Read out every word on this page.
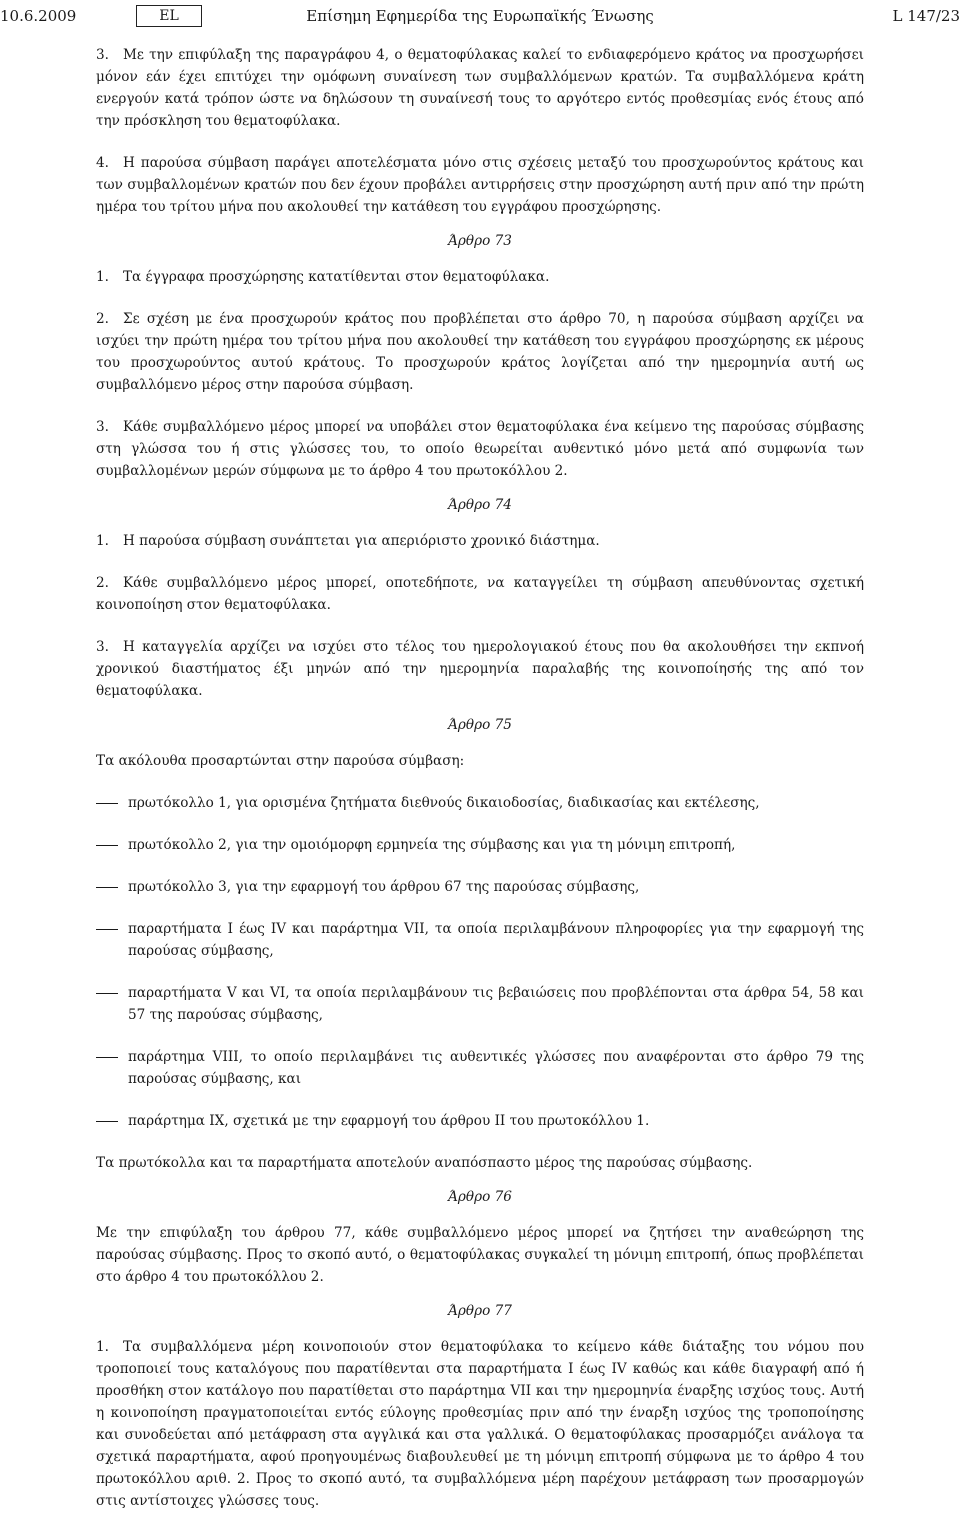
10.6.2009	EL	Επίσημη Εφημερίδα της Ευρωπαϊκής Ένωσης	L 147/23

3. Με την επιφύλαξη της παραγράφου 4, ο θεματοφύλακας καλεί το ενδιαφερόμενο κράτος να προσχωρήσει μόνον εάν έχει επιτύχει την ομόφωνη συναίνεση των συμβαλλόμενων κρατών. Τα συμβαλλόμενα κράτη ενεργούν κατά τρόπον ώστε να δηλώσουν τη συναίνεσή τους το αργότερο εντός προθεσμίας ενός έτους από την πρόσκληση του θεματοφύλακα.

4. Η παρούσα σύμβαση παράγει αποτελέσματα μόνο στις σχέσεις μεταξύ του προσχωρούντος κράτους και των συμβαλλομένων κρατών που δεν έχουν προβάλει αντιρρήσεις στην προσχώρηση αυτή πριν από την πρώτη ημέρα του τρίτου μήνα που ακολουθεί την κατάθεση του εγγράφου προσχώρησης.

Άρθρο 73

1. Τα έγγραφα προσχώρησης κατατίθενται στον θεματοφύλακα.

2. Σε σχέση με ένα προσχωρούν κράτος που προβλέπεται στο άρθρο 70, η παρούσα σύμβαση αρχίζει να ισχύει την πρώτη ημέρα του τρίτου μήνα που ακολουθεί την κατάθεση του εγγράφου προσχώρησης εκ μέρους του προσχωρούντος αυτού κράτους. Το προσχωρούν κράτος λογίζεται από την ημερομηνία αυτή ως συμβαλλόμενο μέρος στην παρούσα σύμβαση.

3. Κάθε συμβαλλόμενο μέρος μπορεί να υποβάλει στον θεματοφύλακα ένα κείμενο της παρούσας σύμβασης στη γλώσσα του ή στις γλώσσες του, το οποίο θεωρείται αυθεντικό μόνο μετά από συμφωνία των συμβαλλομένων μερών σύμφωνα με το άρθρο 4 του πρωτοκόλλου 2.

Άρθρο 74

1. Η παρούσα σύμβαση συνάπτεται για απεριόριστο χρονικό διάστημα.

2. Κάθε συμβαλλόμενο μέρος μπορεί, οποτεδήποτε, να καταγγείλει τη σύμβαση απευθύνοντας σχετική κοινοποίηση στον θεματοφύλακα.

3. Η καταγγελία αρχίζει να ισχύει στο τέλος του ημερολογιακού έτους που θα ακολουθήσει την εκπνοή χρονικού διαστήματος έξι μηνών από την ημερομηνία παραλαβής της κοινοποίησής της από τον θεματοφύλακα.

Άρθρο 75

Τα ακόλουθα προσαρτώνται στην παρούσα σύμβαση:

πρωτόκολλο 1, για ορισμένα ζητήματα διεθνούς δικαιοδοσίας, διαδικασίας και εκτέλεσης,
πρωτόκολλο 2, για την ομοιόμορφη ερμηνεία της σύμβασης και για τη μόνιμη επιτροπή,
πρωτόκολλο 3, για την εφαρμογή του άρθρου 67 της παρούσας σύμβασης,
παραρτήματα I έως IV και παράρτημα VII, τα οποία περιλαμβάνουν πληροφορίες για την εφαρμογή της παρούσας σύμβασης,
παραρτήματα V και VI, τα οποία περιλαμβάνουν τις βεβαιώσεις που προβλέπονται στα άρθρα 54, 58 και 57 της παρούσας σύμβασης,
παράρτημα VIII, το οποίο περιλαμβάνει τις αυθεντικές γλώσσες που αναφέρονται στο άρθρο 79 της παρούσας σύμβασης, και
παράρτημα IX, σχετικά με την εφαρμογή του άρθρου II του πρωτοκόλλου 1.

Τα πρωτόκολλα και τα παραρτήματα αποτελούν αναπόσπαστο μέρος της παρούσας σύμβασης.

Άρθρο 76

Με την επιφύλαξη του άρθρου 77, κάθε συμβαλλόμενο μέρος μπορεί να ζητήσει την αναθεώρηση της παρούσας σύμβασης. Προς το σκοπό αυτό, ο θεματοφύλακας συγκαλεί τη μόνιμη επιτροπή, όπως προβλέπεται στο άρθρο 4 του πρωτοκόλλου 2.

Άρθρο 77

1. Τα συμβαλλόμενα μέρη κοινοποιούν στον θεματοφύλακα το κείμενο κάθε διάταξης του νόμου που τροποποιεί τους καταλόγους που παρατίθενται στα παραρτήματα I έως IV καθώς και κάθε διαγραφή από ή προσθήκη στον κατάλογο που παρατίθεται στο παράρτημα VII και την ημερομηνία έναρξης ισχύος τους. Αυτή η κοινοποίηση πραγματοποιείται εντός εύλογης προθεσμίας πριν από την έναρξη ισχύος της τροποποίησης και συνοδεύεται από μετάφραση στα αγγλικά και στα γαλλικά. Ο θεματοφύλακας προσαρμόζει ανάλογα τα σχετικά παραρτήματα, αφού προηγουμένως διαβουλευθεί με τη μόνιμη επιτροπή σύμφωνα με το άρθρο 4 του πρωτοκόλλου αριθ. 2. Προς το σκοπό αυτό, τα συμβαλλόμενα μέρη παρέχουν μετάφραση των προσαρμογών στις αντίστοιχες γλώσσες τους.
